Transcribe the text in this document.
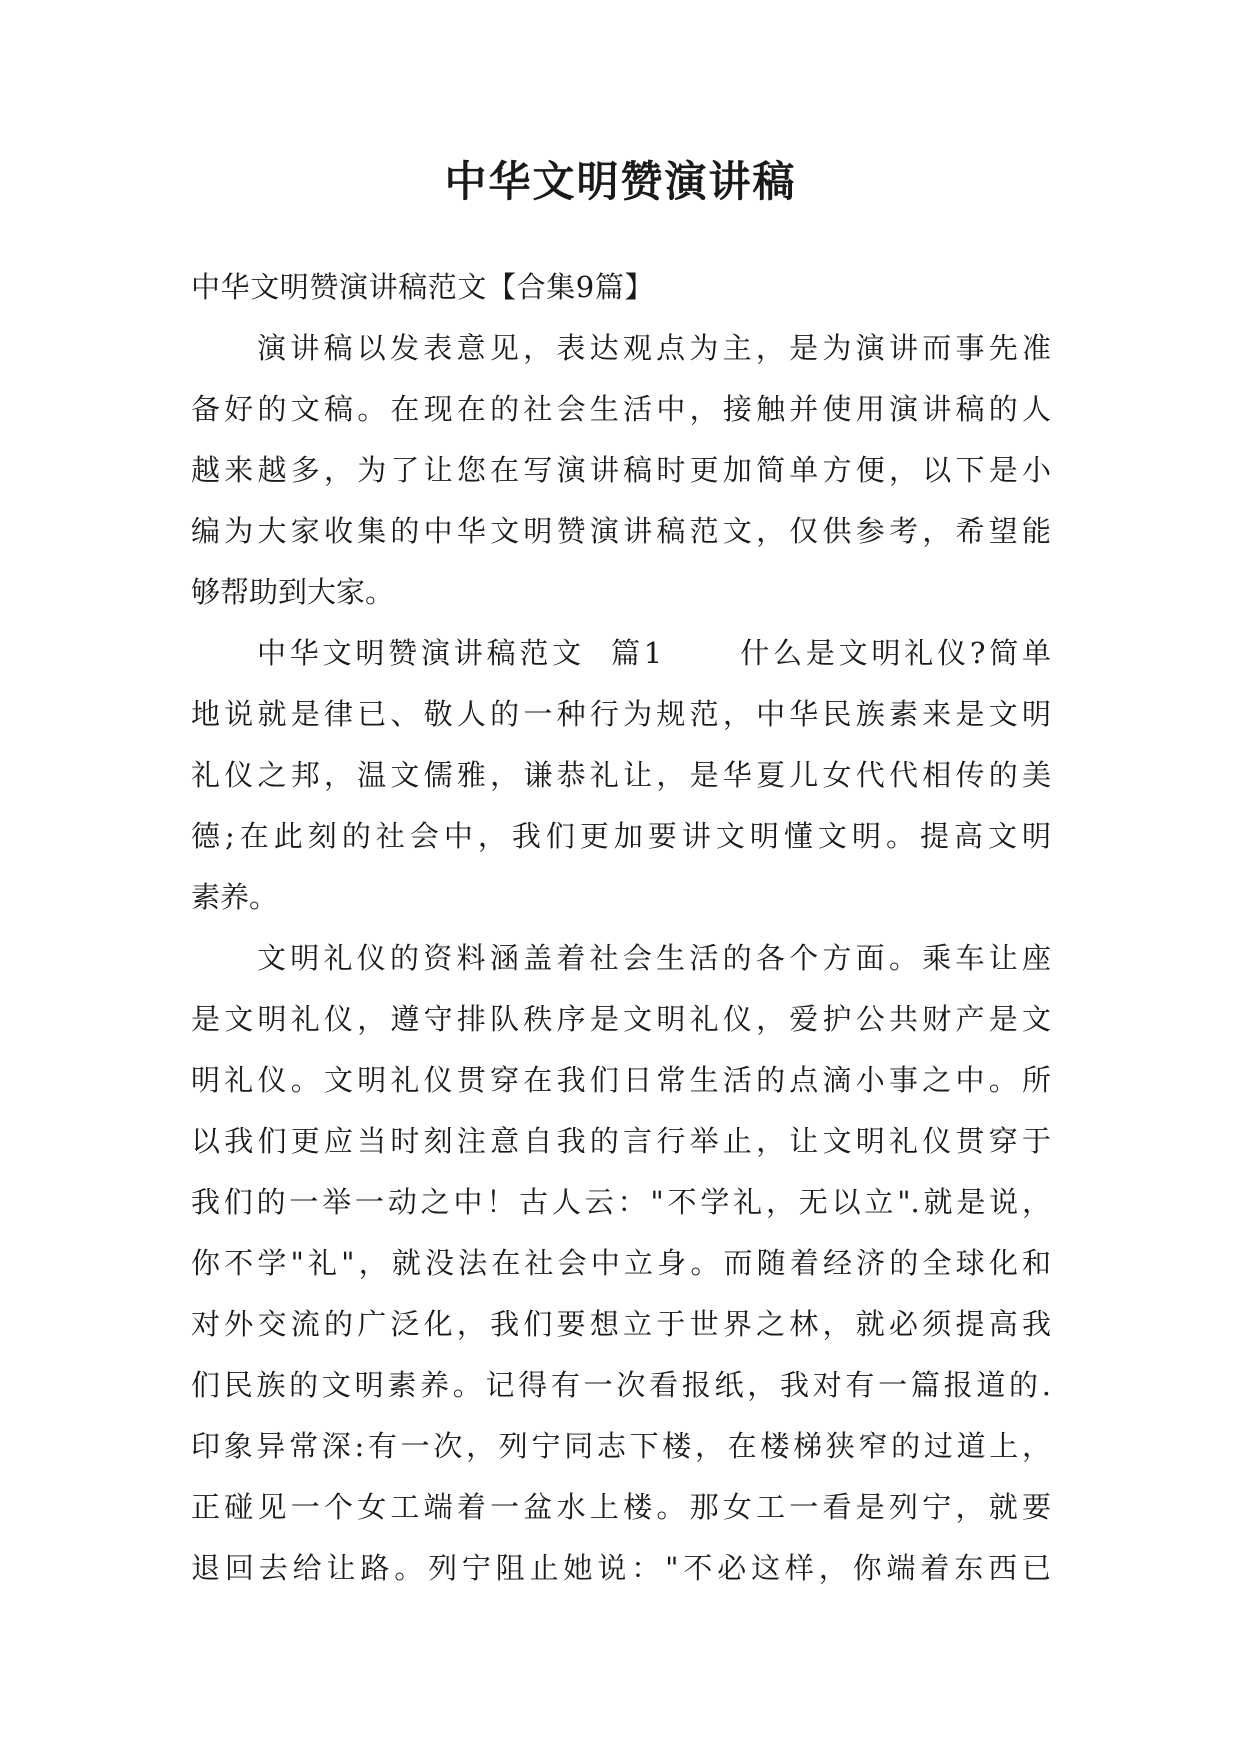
中华文明赞演讲稿
中华文明赞演讲稿范文【合集9篇】
演讲稿以发表意见，表达观点为主，是为演讲而事先准
备好的文稿。在现在的社会生活中，接触并使用演讲稿的人
越来越多，为了让您在写演讲稿时更加简单方便，以下是小
编为大家收集的中华文明赞演讲稿范文，仅供参考，希望能
够帮助到大家。
中华文明赞演讲稿范文  篇1      什么是文明礼仪?简单
地说就是律已、敬人的一种行为规范，中华民族素来是文明
礼仪之邦，温文儒雅，谦恭礼让，是华夏儿女代代相传的美
德;在此刻的社会中，我们更加要讲文明懂文明。提高文明
素养。
文明礼仪的资料涵盖着社会生活的各个方面。乘车让座
是文明礼仪，遵守排队秩序是文明礼仪，爱护公共财产是文
明礼仪。文明礼仪贯穿在我们日常生活的点滴小事之中。所
以我们更应当时刻注意自我的言行举止，让文明礼仪贯穿于
我们的一举一动之中！古人云："不学礼，无以立".就是说，
你不学"礼"，就没法在社会中立身。而随着经济的全球化和
对外交流的广泛化，我们要想立于世界之林，就必须提高我
们民族的文明素养。记得有一次看报纸，我对有一篇报道的.
印象异常深:有一次，列宁同志下楼，在楼梯狭窄的过道上，
正碰见一个女工端着一盆水上楼。那女工一看是列宁，就要
退回去给让路。列宁阻止她说："不必这样，你端着东西已
